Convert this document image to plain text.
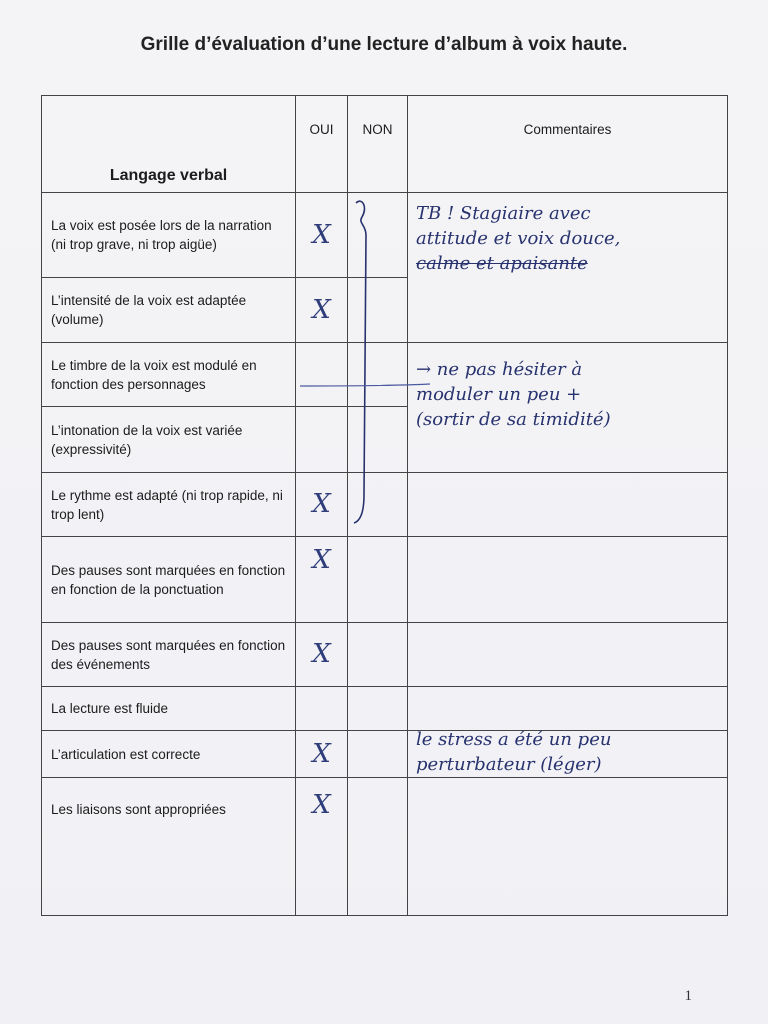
Grille d’évaluation d’une lecture d’album à voix haute.
Langage verbal	OUI	NON	Commentaires
La voix est posée lors de la narration (ni trop grave, ni trop aigüe)	X		TB ! Stagiaire avec
attitude et voix douce,
calme et apaisante

L’intensité de la voix est adaptée (volume)	X		

Le timbre de la voix est modulé en fonction des personnages			→ ne pas hésiter à
moduler un peu +
(sortir de sa timidité)

L’intonation de la voix est variée (expressivité)		

Le rythme est adapté (ni trop rapide, ni trop lent)	X		

Des pauses sont marquées en fonction en fonction de la ponctuation	X		

Des pauses sont marquées en fonction des événements	X		

La lecture est fluide	

L’articulation est correcte	X		le stress a été un peu
perturbateur (léger)

Les liaisons sont appropriées	X		

1
